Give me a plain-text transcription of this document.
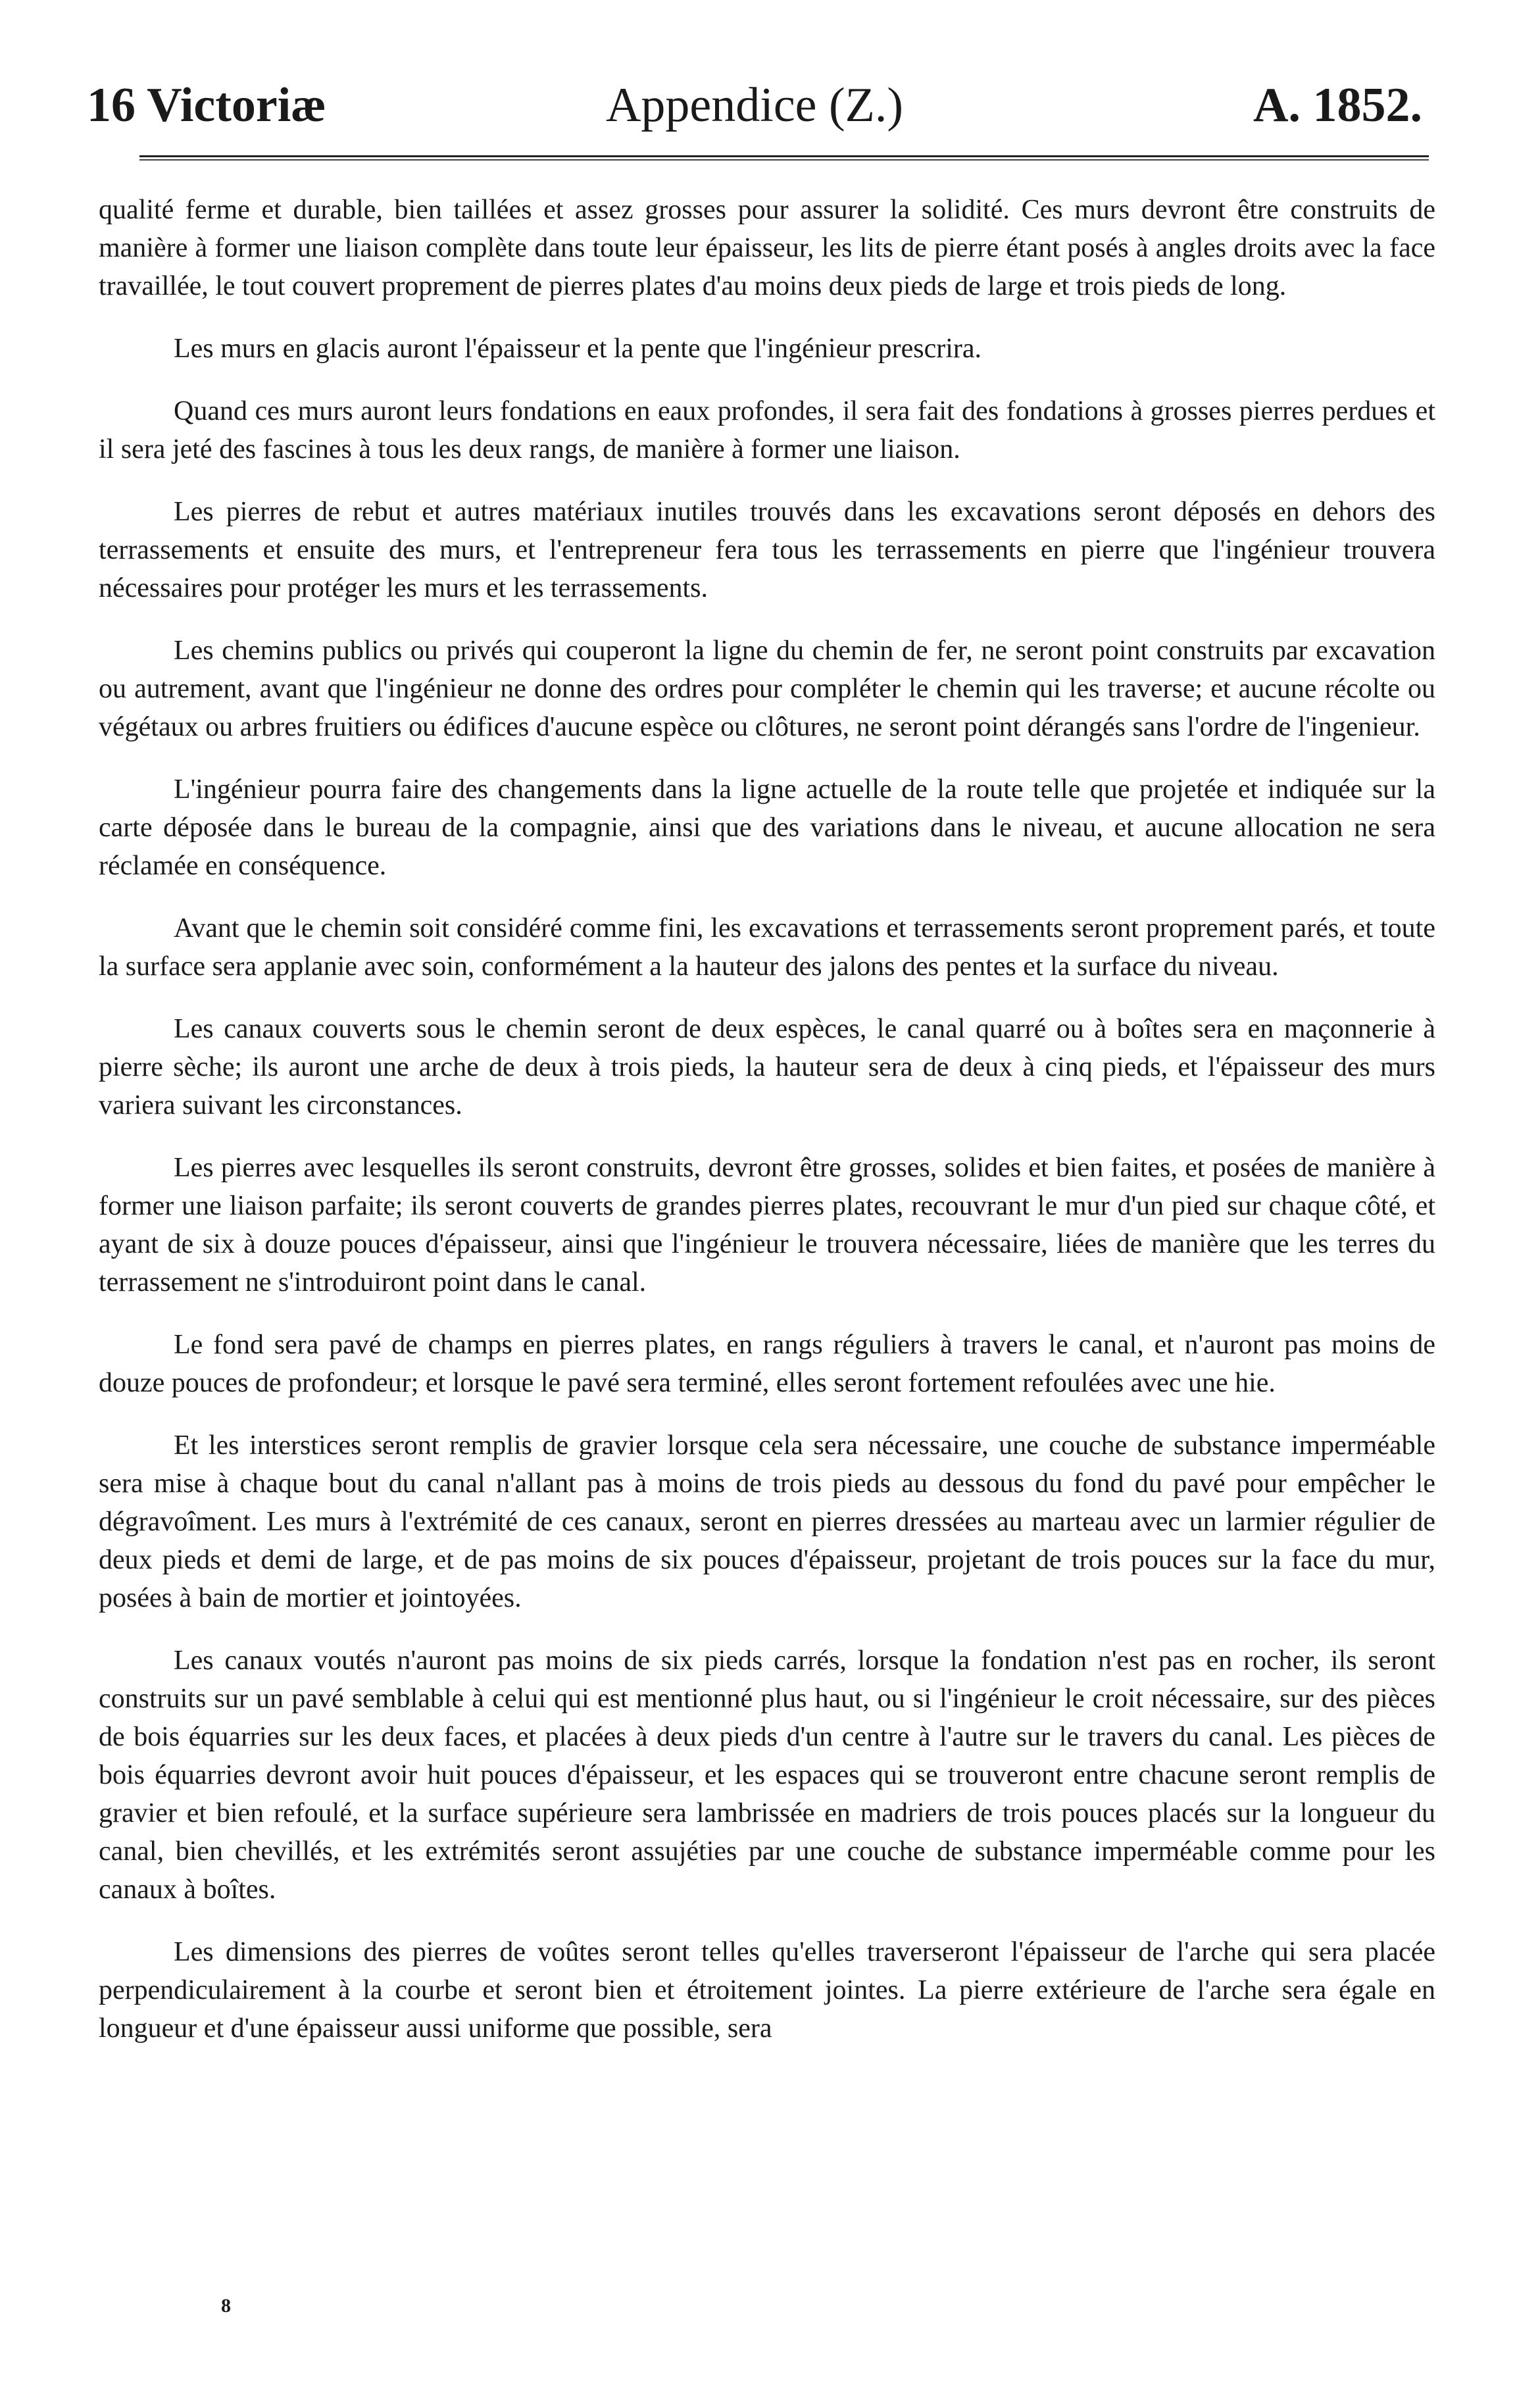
16 Victoriæ	Appendice (Z.)	A. 1852.

qualité ferme et durable, bien taillées et assez grosses pour assurer la solidité. Ces murs devront être construits de manière à former une liaison complète dans toute leur épaisseur, les lits de pierre étant posés à angles droits avec la face travaillée, le tout couvert proprement de pierres plates d'au moins deux pieds de large et trois pieds de long.

Les murs en glacis auront l'épaisseur et la pente que l'ingénieur prescrira.

Quand ces murs auront leurs fondations en eaux profondes, il sera fait des fondations à grosses pierres perdues et il sera jeté des fascines à tous les deux rangs, de manière à former une liaison.

Les pierres de rebut et autres matériaux inutiles trouvés dans les excavations seront déposés en dehors des terrassements et ensuite des murs, et l'entrepreneur fera tous les terrassements en pierre que l'ingénieur trouvera nécessaires pour protéger les murs et les terrassements.

Les chemins publics ou privés qui couperont la ligne du chemin de fer, ne seront point construits par excavation ou autrement, avant que l'ingénieur ne donne des ordres pour compléter le chemin qui les traverse; et aucune récolte ou végétaux ou arbres fruitiers ou édifices d'aucune espèce ou clôtures, ne seront point dérangés sans l'ordre de l'ingenieur.

L'ingénieur pourra faire des changements dans la ligne actuelle de la route telle que projetée et indiquée sur la carte déposée dans le bureau de la compagnie, ainsi que des variations dans le niveau, et aucune allocation ne sera réclamée en conséquence.

Avant que le chemin soit considéré comme fini, les excavations et terrassements seront proprement parés, et toute la surface sera applanie avec soin, conformément a la hauteur des jalons des pentes et la surface du niveau.

Les canaux couverts sous le chemin seront de deux espèces, le canal quarré ou à boîtes sera en maçonnerie à pierre sèche; ils auront une arche de deux à trois pieds, la hauteur sera de deux à cinq pieds, et l'épaisseur des murs variera suivant les circonstances.

Les pierres avec lesquelles ils seront construits, devront être grosses, solides et bien faites, et posées de manière à former une liaison parfaite; ils seront couverts de grandes pierres plates, recouvrant le mur d'un pied sur chaque côté, et ayant de six à douze pouces d'épaisseur, ainsi que l'ingénieur le trouvera nécessaire, liées de manière que les terres du terrassement ne s'introduiront point dans le canal.

Le fond sera pavé de champs en pierres plates, en rangs réguliers à travers le canal, et n'auront pas moins de douze pouces de profondeur; et lorsque le pavé sera terminé, elles seront fortement refoulées avec une hie.

Et les interstices seront remplis de gravier lorsque cela sera nécessaire, une couche de substance imperméable sera mise à chaque bout du canal n'allant pas à moins de trois pieds au dessous du fond du pavé pour empêcher le dégravoîment. Les murs à l'extrémité de ces canaux, seront en pierres dressées au marteau avec un larmier régulier de deux pieds et demi de large, et de pas moins de six pouces d'épaisseur, projetant de trois pouces sur la face du mur, posées à bain de mortier et jointoyées.

Les canaux voutés n'auront pas moins de six pieds carrés, lorsque la fondation n'est pas en rocher, ils seront construits sur un pavé semblable à celui qui est mentionné plus haut, ou si l'ingénieur le croit nécessaire, sur des pièces de bois équarries sur les deux faces, et placées à deux pieds d'un centre à l'autre sur le travers du canal. Les pièces de bois équarries devront avoir huit pouces d'épaisseur, et les espaces qui se trouveront entre chacune seront remplis de gravier et bien refoulé, et la surface supérieure sera lambrissée en madriers de trois pouces placés sur la longueur du canal, bien chevillés, et les extrémités seront assujéties par une couche de substance imperméable comme pour les canaux à boîtes.

Les dimensions des pierres de voûtes seront telles qu'elles traverseront l'épaisseur de l'arche qui sera placée perpendiculairement à la courbe et seront bien et étroitement jointes. La pierre extérieure de l'arche sera égale en longueur et d'une épaisseur aussi uniforme que possible, sera

8
